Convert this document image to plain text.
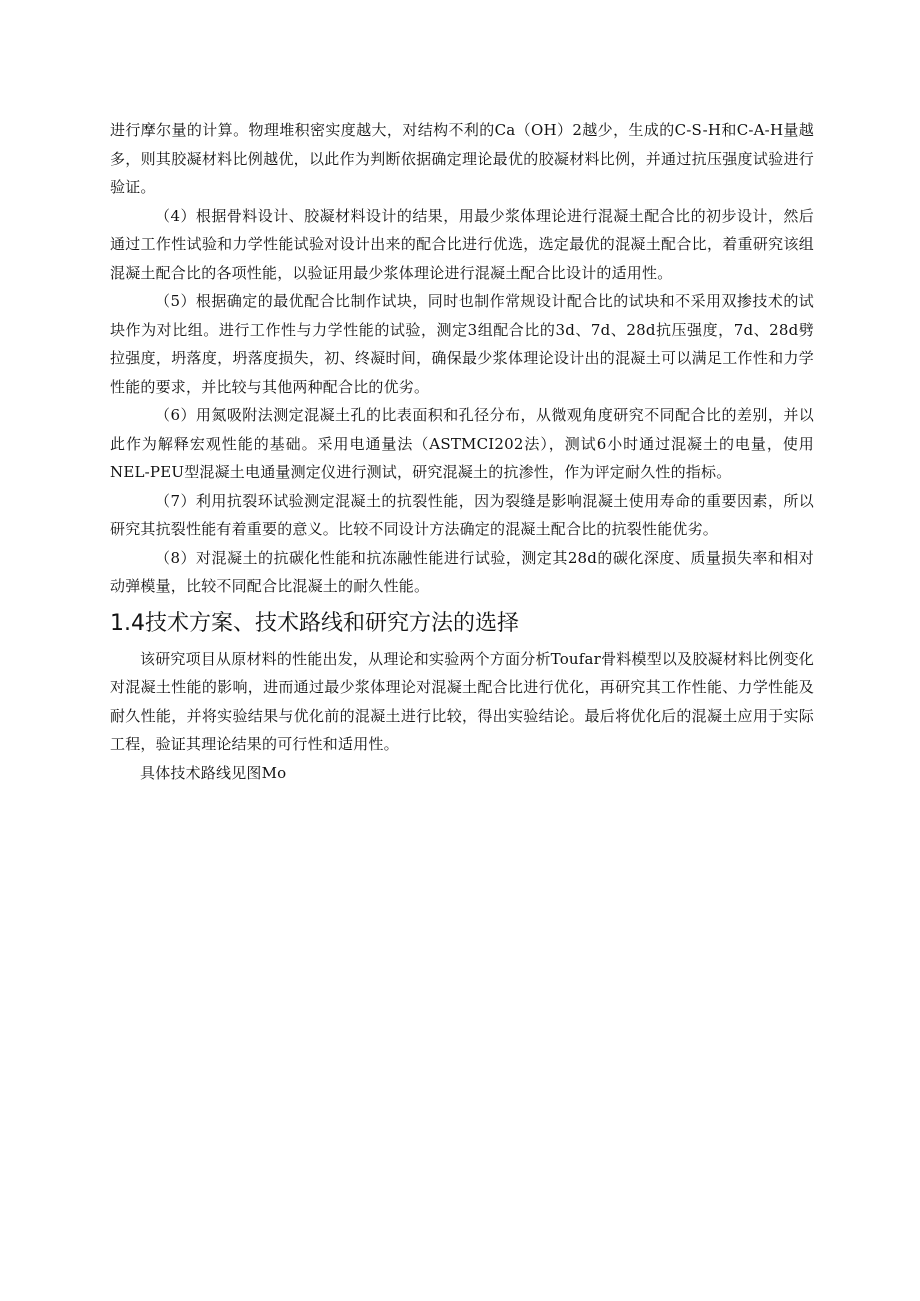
进行摩尔量的计算。物理堆积密实度越大，对结构不利的Ca（OH）2越少，生成的C-S-H和C-A-H量越多，则其胶凝材料比例越优，以此作为判断依据确定理论最优的胶凝材料比例，并通过抗压强度试验进行验证。

（4）根据骨料设计、胶凝材料设计的结果，用最少浆体理论进行混凝土配合比的初步设计，然后通过工作性试验和力学性能试验对设计出来的配合比进行优选，选定最优的混凝土配合比，着重研究该组混凝土配合比的各项性能，以验证用最少浆体理论进行混凝土配合比设计的适用性。

（5）根据确定的最优配合比制作试块，同时也制作常规设计配合比的试块和不采用双掺技术的试块作为对比组。进行工作性与力学性能的试验，测定3组配合比的3d、7d、28d抗压强度，7d、28d劈拉强度，坍落度，坍落度损失，初、终凝时间，确保最少浆体理论设计出的混凝土可以满足工作性和力学性能的要求，并比较与其他两种配合比的优劣。

（6）用氮吸附法测定混凝土孔的比表面积和孔径分布，从微观角度研究不同配合比的差别，并以此作为解释宏观性能的基础。采用电通量法（ASTMCI202法），测试6小时通过混凝土的电量，使用NEL-PEU型混凝土电通量测定仪进行测试，研究混凝土的抗渗性，作为评定耐久性的指标。

（7）利用抗裂环试验测定混凝土的抗裂性能，因为裂缝是影响混凝土使用寿命的重要因素，所以研究其抗裂性能有着重要的意义。比较不同设计方法确定的混凝土配合比的抗裂性能优劣。

（8）对混凝土的抗碳化性能和抗冻融性能进行试验，测定其28d的碳化深度、质量损失率和相对动弹模量，比较不同配合比混凝土的耐久性能。

1.4技术方案、技术路线和研究方法的选择

该研究项目从原材料的性能出发，从理论和实验两个方面分析Toufar骨料模型以及胶凝材料比例变化对混凝土性能的影响，进而通过最少浆体理论对混凝土配合比进行优化，再研究其工作性能、力学性能及耐久性能，并将实验结果与优化前的混凝土进行比较，得出实验结论。最后将优化后的混凝土应用于实际工程，验证其理论结果的可行性和适用性。

具体技术路线见图Mo
